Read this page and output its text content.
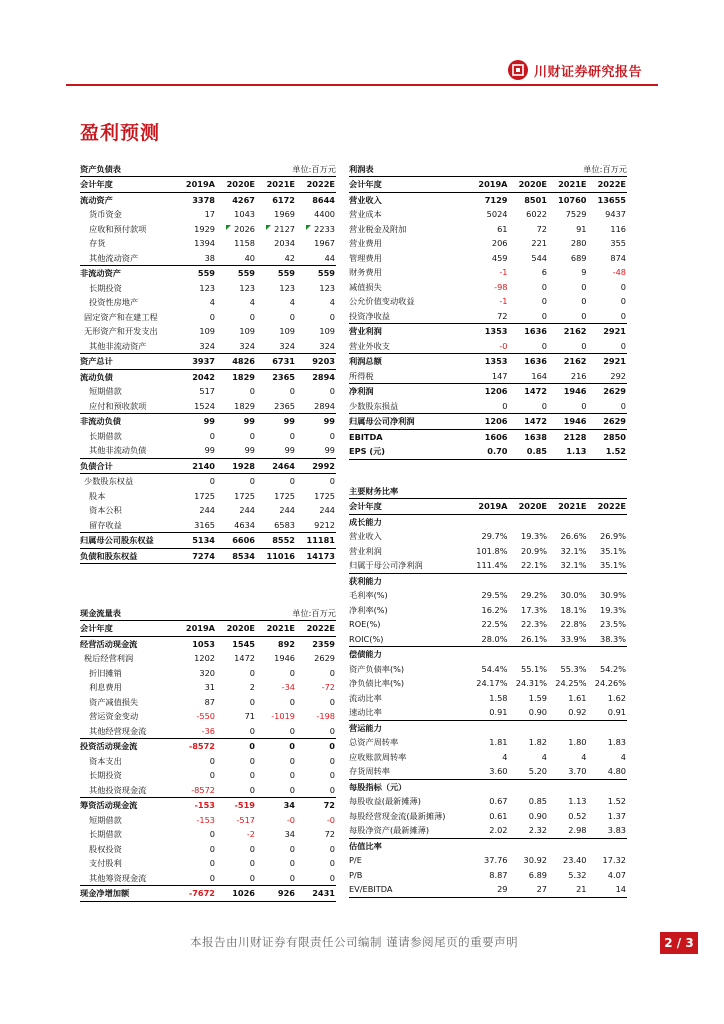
川财证券研究报告
盈利预测
资产负债表	单位:百万元
会计年度	2019A	2020E	2021E	2022E
流动资产	3378	4267	6172	8644
货币资金	17	1043	1969	4400
应收和预付款项	1929	2026	2127	2233
存货	1394	1158	2034	1967
其他流动资产	38	40	42	44
非流动资产	559	559	559	559
长期投资	123	123	123	123
投资性房地产	4	4	4	4
固定资产和在建工程	0	0	0	0
无形资产和开发支出	109	109	109	109
其他非流动资产	324	324	324	324
资产总计	3937	4826	6731	9203
流动负债	2042	1829	2365	2894
短期借款	517	0	0	0
应付和预收款项	1524	1829	2365	2894
非流动负债	99	99	99	99
长期借款	0	0	0	0
其他非流动负债	99	99	99	99
负债合计	2140	1928	2464	2992
少数股东权益	0	0	0	0
股本	1725	1725	1725	1725
资本公积	244	244	244	244
留存收益	3165	4634	6583	9212
归属母公司股东权益	5134	6606	8552	11181
负债和股东权益	7274	8534	11016	14173
利润表	单位:百万元
会计年度	2019A	2020E	2021E	2022E
营业收入	7129	8501	10760	13655
营业成本	5024	6022	7529	9437
营业税金及附加	61	72	91	116
营业费用	206	221	280	355
管理费用	459	544	689	874
财务费用	-1	6	9	-48
减值损失	-98	0	0	0
公允价值变动收益	-1	0	0	0
投资净收益	72	0	0	0
营业利润	1353	1636	2162	2921
营业外收支	-0	0	0	0
利润总额	1353	1636	2162	2921
所得税	147	164	216	292
净利润	1206	1472	1946	2629
少数股东损益	0	0	0	0
归属母公司净利润	1206	1472	1946	2629
EBITDA	1606	1638	2128	2850
EPS (元)	0.70	0.85	1.13	1.52
主要财务比率
会计年度	2019A	2020E	2021E	2022E
成长能力				
营业收入	29.7%	19.3%	26.6%	26.9%
营业利润	101.8%	20.9%	32.1%	35.1%
归属于母公司净利润	111.4%	22.1%	32.1%	35.1%
获利能力				
毛利率(%)	29.5%	29.2%	30.0%	30.9%
净利率(%)	16.2%	17.3%	18.1%	19.3%
ROE(%)	22.5%	22.3%	22.8%	23.5%
ROIC(%)	28.0%	26.1%	33.9%	38.3%
偿债能力				
资产负债率(%)	54.4%	55.1%	55.3%	54.2%
净负债比率(%)	24.17%	24.31%	24.25%	24.26%
流动比率	1.58	1.59	1.61	1.62
速动比率	0.91	0.90	0.92	0.91
营运能力				
总资产周转率	1.81	1.82	1.80	1.83
应收账款周转率	4	4	4	4
存货周转率	3.60	5.20	3.70	4.80
每股指标（元）				
每股收益(最新摊薄)	0.67	0.85	1.13	1.52
每股经营现金流(最新摊薄)	0.61	0.90	0.52	1.37
每股净资产(最新摊薄)	2.02	2.32	2.98	3.83
估值比率				
P/E	37.76	30.92	23.40	17.32
P/B	8.87	6.89	5.32	4.07
EV/EBITDA	29	27	21	14
现金流量表	单位:百万元
会计年度	2019A	2020E	2021E	2022E
经营活动现金流	1053	1545	892	2359
税后经营利润	1202	1472	1946	2629
折旧摊销	320	0	0	0
利息费用	31	2	-34	-72
资产减值损失	87	0	0	0
营运资金变动	-550	71	-1019	-198
其他经营现金流	-36	0	0	0
投资活动现金流	-8572	0	0	0
资本支出	0	0	0	0
长期投资	0	0	0	0
其他投资现金流	-8572	0	0	0
筹资活动现金流	-153	-519	34	72
短期借款	-153	-517	-0	-0
长期借款	0	-2	34	72
股权投资	0	0	0	0
支付股利	0	0	0	0
其他筹资现金流	0	0	0	0
现金净增加额	-7672	1026	926	2431
本报告由川财证券有限责任公司编制 谨请参阅尾页的重要声明	2 / 3
